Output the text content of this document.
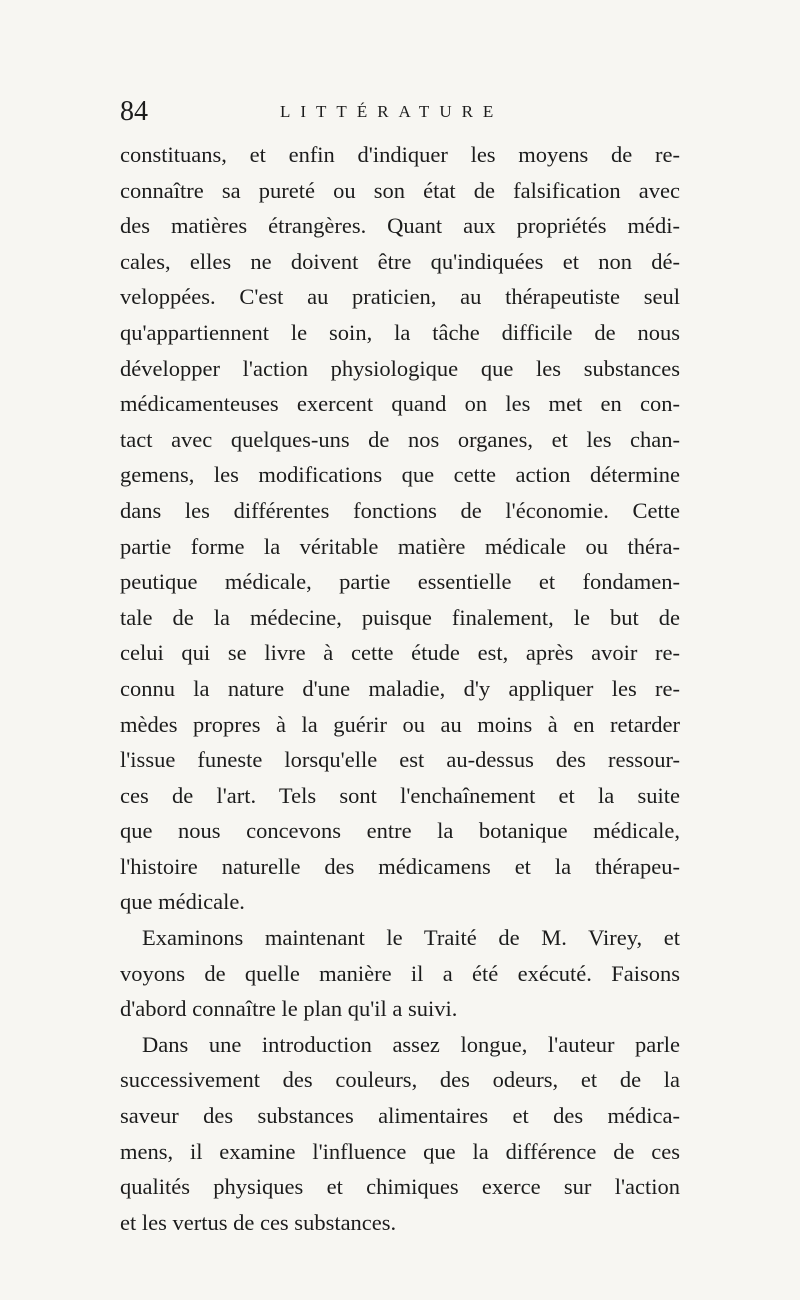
84	LITTÉRATURE
constituans, et enfin d'indiquer les moyens de re-
connaître sa pureté ou son état de falsification avec
des matières étrangères. Quant aux propriétés médi-
cales, elles ne doivent être qu'indiquées et non dé-
veloppées. C'est au praticien, au thérapeutiste seul
qu'appartiennent le soin, la tâche difficile de nous
développer l'action physiologique que les substances
médicamenteuses exercent quand on les met en con-
tact avec quelques-uns de nos organes, et les chan-
gemens, les modifications que cette action détermine
dans les différentes fonctions de l'économie. Cette
partie forme la véritable matière médicale ou théra-
peutique médicale, partie essentielle et fondamen-
tale de la médecine, puisque finalement, le but de
celui qui se livre à cette étude est, après avoir re-
connu la nature d'une maladie, d'y appliquer les re-
mèdes propres à la guérir ou au moins à en retarder
l'issue funeste lorsqu'elle est au-dessus des ressour-
ces de l'art. Tels sont l'enchaînement et la suite
que nous concevons entre la botanique médicale,
l'histoire naturelle des médicamens et la thérapeu-
que médicale.
Examinons maintenant le Traité de M. Virey, et
voyons de quelle manière il a été exécuté. Faisons
d'abord connaître le plan qu'il a suivi.
Dans une introduction assez longue, l'auteur parle
successivement des couleurs, des odeurs, et de la
saveur des substances alimentaires et des médica-
mens, il examine l'influence que la différence de ces
qualités physiques et chimiques exerce sur l'action
et les vertus de ces substances.
